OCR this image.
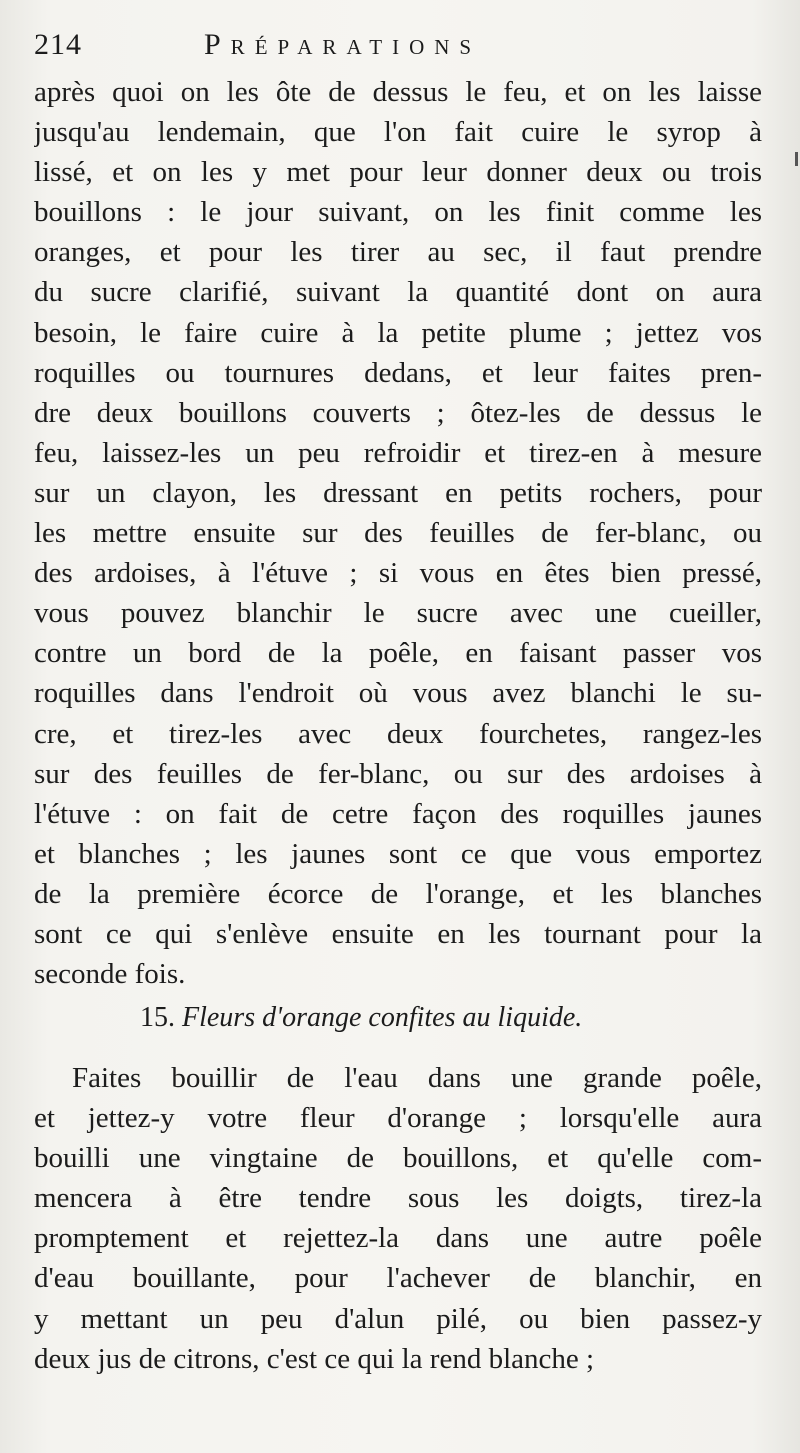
214	Préparations
après quoi on les ôte de dessus le feu, et on les laisse
jusqu'au lendemain, que l'on fait cuire le syrop à
lissé, et on les y met pour leur donner deux ou trois
bouillons : le jour suivant, on les finit comme les
oranges, et pour les tirer au sec, il faut prendre
du sucre clarifié, suivant la quantité dont on aura
besoin, le faire cuire à la petite plume ; jettez vos
roquilles ou tournures dedans, et leur faites pren-
dre deux bouillons couverts ; ôtez-les de dessus le
feu, laissez-les un peu refroidir et tirez-en à mesure
sur un clayon, les dressant en petits rochers, pour
les mettre ensuite sur des feuilles de fer-blanc, ou
des ardoises, à l'étuve ; si vous en êtes bien pressé,
vous pouvez blanchir le sucre avec une cueiller,
contre un bord de la poêle, en faisant passer vos
roquilles dans l'endroit où vous avez blanchi le su-
cre, et tirez-les avec deux fourchetes, rangez-les
sur des feuilles de fer-blanc, ou sur des ardoises à
l'étuve : on fait de cetre façon des roquilles jaunes
et blanches ; les jaunes sont ce que vous emportez
de la première écorce de l'orange, et les blanches
sont ce qui s'enlève ensuite en les tournant pour la
seconde fois.
15. Fleurs d'orange confites au liquide.
Faites bouillir de l'eau dans une grande poêle,
et jettez-y votre fleur d'orange ; lorsqu'elle aura
bouilli une vingtaine de bouillons, et qu'elle com-
mencera à être tendre sous les doigts, tirez-la
promptement et rejettez-la dans une autre poêle
d'eau bouillante, pour l'achever de blanchir, en
y mettant un peu d'alun pilé, ou bien passez-y
deux jus de citrons, c'est ce qui la rend blanche ;
